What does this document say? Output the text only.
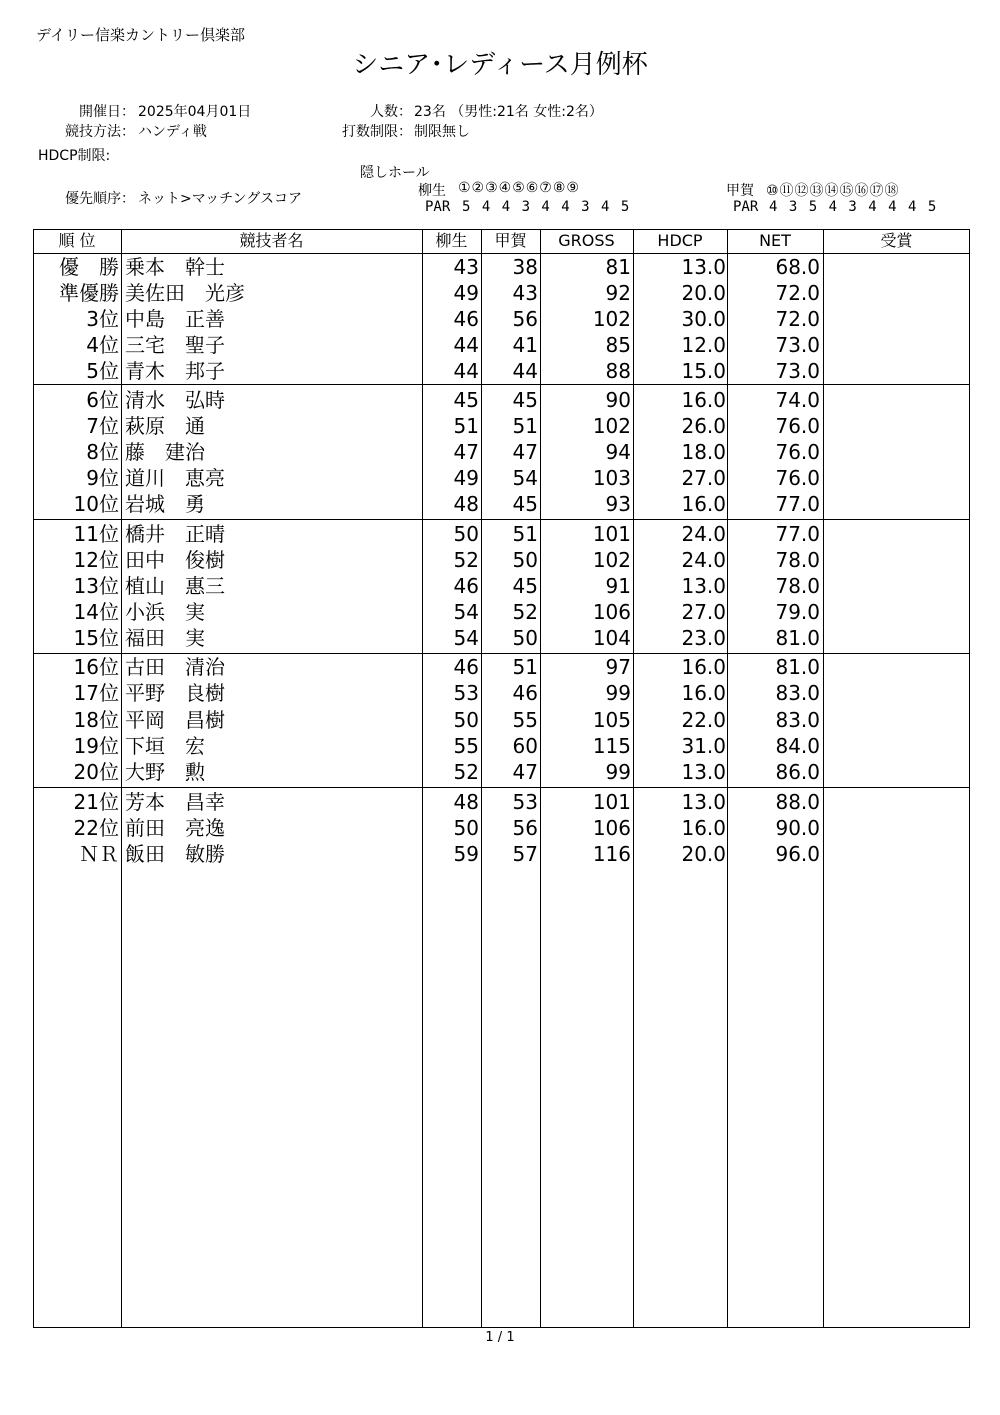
デイリー信楽カントリー倶楽部
シニア･レディース月例杯
開催日： 2025年04月01日
競技方法： ハンディ戦
HDCP制限:
人数： 23名 （男性:21名 女性:2名）
打数制限： 制限無し
隠しホール
優先順序： ネット>マッチングスコア	柳生 ①②③④⑤⑥⑦⑧⑨
PAR 5 4 4 3 4 4 3 4 5
甲賀 ⑩⑪⑫⑬⑭⑮⑯⑰⑱
PAR 4 3 5 4 3 4 4 4 5
順 位	競技者名	柳生	甲賀	GROSS	HDCP	NET	受賞
優　勝 乗本　幹士	43	38	81	13.0	68.0
準優勝 美佐田　光彦	49	43	92	20.0	72.0
3位 中島　正善	46	56	102	30.0	72.0
4位 三宅　聖子	44	41	85	12.0	73.0
5位 青木　邦子	44	44	88	15.0	73.0
6位 清水　弘時	45	45	90	16.0	74.0
7位 萩原　通	51	51	102	26.0	76.0
8位 藤　建治	47	47	94	18.0	76.0
9位 道川　恵亮	49	54	103	27.0	76.0
10位 岩城　勇	48	45	93	16.0	77.0
11位 橋井　正晴	50	51	101	24.0	77.0
12位 田中　俊樹	52	50	102	24.0	78.0
13位 植山　惠三	46	45	91	13.0	78.0
14位 小浜　実	54	52	106	27.0	79.0
15位 福田　実	54	50	104	23.0	81.0
16位 古田　清治	46	51	97	16.0	81.0
17位 平野　良樹	53	46	99	16.0	83.0
18位 平岡　昌樹	50	55	105	22.0	83.0
19位 下垣　宏	55	60	115	31.0	84.0
20位 大野　勲	52	47	99	13.0	86.0
21位 芳本　昌幸	48	53	101	13.0	88.0
22位 前田　亮逸	50	56	106	16.0	90.0
ＮＲ 飯田　敏勝	59	57	116	20.0	96.0
1 / 1
